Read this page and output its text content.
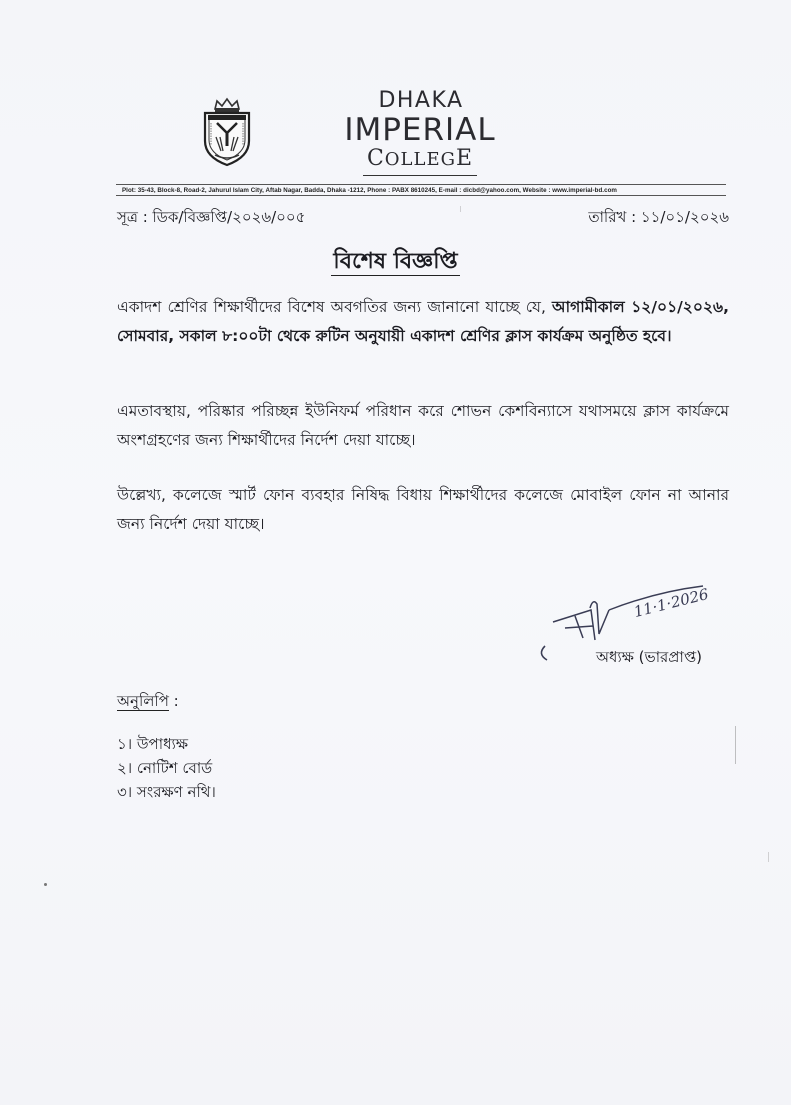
DHAKA
IMPERIAL
COLLEGE
Plot: 35-43, Block-8, Road-2, Jahurul Islam City, Aftab Nagar, Badda, Dhaka -1212, Phone : PABX 8610245, E-mail : dicbd@yahoo.com, Website : www.imperial-bd.com
সূত্র : ডিক/বিজ্ঞপ্তি/২০২৬/০০৫	তারিখ : ১১/০১/২০২৬
বিশেষ বিজ্ঞপ্তি
একাদশ শ্রেণির শিক্ষার্থীদের বিশেষ অবগতির জন্য জানানো যাচ্ছে যে, আগামীকাল ১২/০১/২০২৬, সোমবার, সকাল ৮:০০টা থেকে রুটিন অনুযায়ী একাদশ শ্রেণির ক্লাস কার্যক্রম অনুষ্ঠিত হবে।
এমতাবস্থায়, পরিষ্কার পরিচ্ছন্ন ইউনিফর্ম পরিধান করে শোভন কেশবিন্যাসে যথাসময়ে ক্লাস কার্যক্রমে অংশগ্রহণের জন্য শিক্ষার্থীদের নির্দেশ দেয়া যাচ্ছে।
উল্লেখ্য, কলেজে স্মার্ট ফোন ব্যবহার নিষিদ্ধ বিধায় শিক্ষার্থীদের কলেজে মোবাইল ফোন না আনার জন্য নির্দেশ দেয়া যাচ্ছে।
11·1·2026
অধ্যক্ষ (ভারপ্রাপ্ত)
অনুলিপি :
১। উপাধ্যক্ষ
২। নোটিশ বোর্ড
৩। সংরক্ষণ নথি।
